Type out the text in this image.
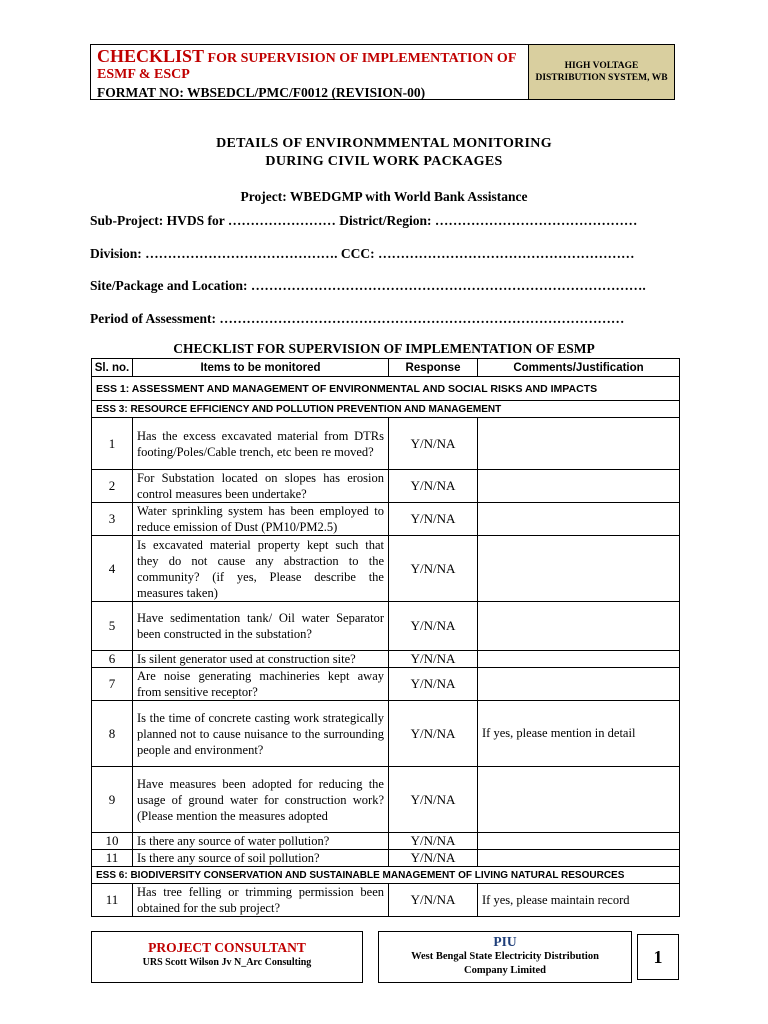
CHECKLIST FOR SUPERVISION OF IMPLEMENTATION OF
ESMF & ESCP
FORMAT NO: WBSEDCL/PMC/F0012 (REVISION-00)
HIGH VOLTAGE
DISTRIBUTION SYSTEM, WB
DETAILS OF ENVIRONMMENTAL MONITORING
DURING CIVIL WORK PACKAGES
Project: WBEDGMP with World Bank Assistance
Sub-Project: HVDS for …………………… District/Region: ………………………………………
Division: ……………………………………. CCC: …………………………………………………
Site/Package and Location: …………………………………………………………………………….
Period of Assessment: ………………………………………………………………………………
CHECKLIST FOR SUPERVISION OF IMPLEMENTATION OF ESMP
Sl. no.	Items to be monitored	Response	Comments/Justification
ESS 1: ASSESSMENT AND MANAGEMENT OF ENVIRONMENTAL AND SOCIAL RISKS AND IMPACTS			
ESS 3: RESOURCE EFFICIENCY AND POLLUTION PREVENTION AND MANAGEMENT			
1	Has the excess excavated material from DTRs footing/Poles/Cable trench, etc been re moved?	Y/N/NA	
2	For Substation located on slopes has erosion control measures been undertake?	Y/N/NA	
3	Water sprinkling system has been employed to reduce emission of Dust (PM10/PM2.5)	Y/N/NA	
4	Is excavated material property kept such that they do not cause any abstraction to the community? (if yes, Please describe the measures taken)	Y/N/NA	
5	Have sedimentation tank/ Oil water Separator been constructed in the substation?	Y/N/NA	
6	Is silent generator used at construction site?	Y/N/NA	
7	Are noise generating machineries kept away from sensitive receptor?	Y/N/NA	
8	Is the time of concrete casting work strategically planned not to cause nuisance to the surrounding people and environment?	Y/N/NA	If yes, please mention in detail
9	Have measures been adopted for reducing the usage of ground water for construction work? (Please mention the measures adopted	Y/N/NA	
10	Is there any source of water pollution?	Y/N/NA	
11	Is there any source of soil pollution?	Y/N/NA	
ESS 6: BIODIVERSITY CONSERVATION AND SUSTAINABLE MANAGEMENT OF LIVING NATURAL RESOURCES			
11	Has tree felling or trimming permission been obtained for the sub project?	Y/N/NA	If yes, please maintain record
PROJECT CONSULTANT
URS Scott Wilson Jv N_Arc Consulting
PIU
West Bengal State Electricity Distribution
Company Limited
1
